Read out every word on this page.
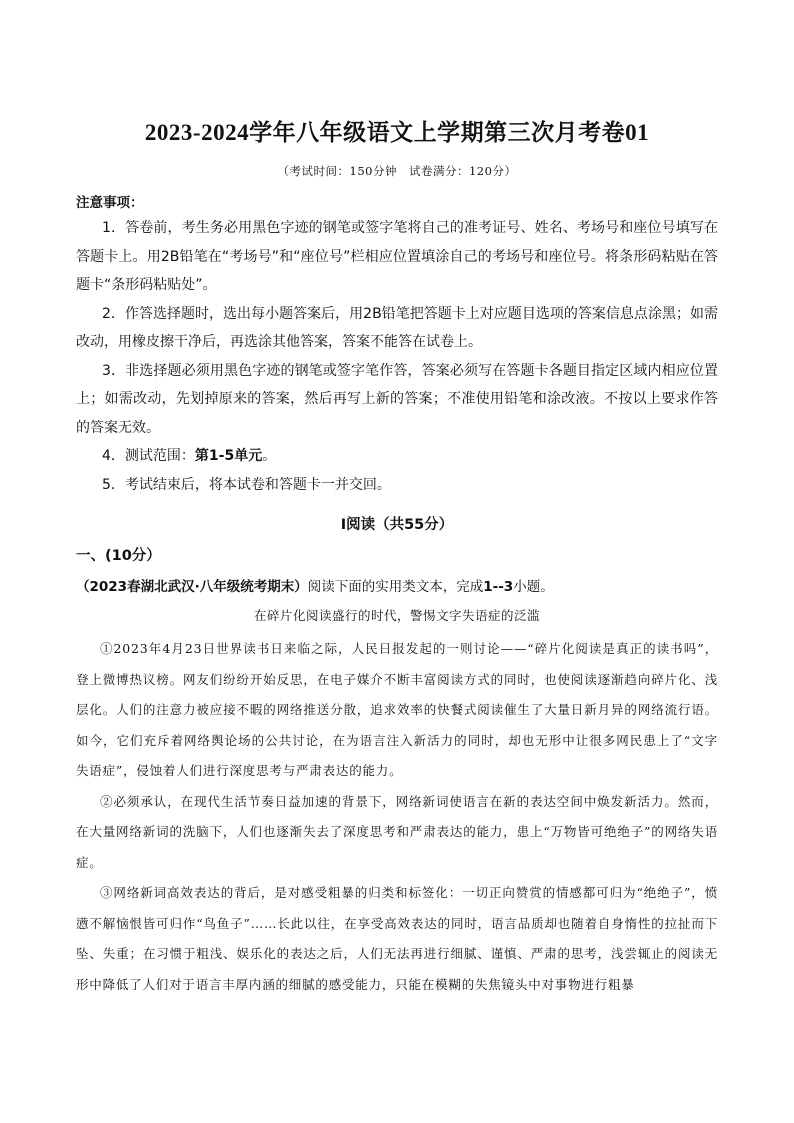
2023-2024学年八年级语文上学期第三次月考卷01
（考试时间：150分钟　试卷满分：120分）
注意事项：

1．答卷前，考生务必用黑色字迹的钢笔或签字笔将自己的准考证号、姓名、考场号和座位号填写在答题卡上。用2B铅笔在“考场号”和“座位号”栏相应位置填涂自己的考场号和座位号。将条形码粘贴在答题卡“条形码粘贴处”。

2．作答选择题时，选出每小题答案后，用2B铅笔把答题卡上对应题目选项的答案信息点涂黑；如需改动，用橡皮擦干净后，再选涂其他答案，答案不能答在试卷上。

3．非选择题必须用黑色字迹的钢笔或签字笔作答，答案必须写在答题卡各题目指定区域内相应位置上；如需改动，先划掉原来的答案，然后再写上新的答案；不准使用铅笔和涂改液。不按以上要求作答的答案无效。

4．测试范围：第1-5单元。

5．考试结束后，将本试卷和答题卡一并交回。

Ⅰ阅读（共55分）
一、(10分）
（2023春湖北武汉·八年级统考期末）阅读下面的实用类文本，完成1--3小题。
在碎片化阅读盛行的时代，警惕文字失语症的泛滥

①2023年4月23日世界读书日来临之际，人民日报发起的一则讨论——“碎片化阅读是真正的读书吗”，登上微博热议榜。网友们纷纷开始反思，在电子媒介不断丰富阅读方式的同时，也使阅读逐渐趋向碎片化、浅层化。人们的注意力被应接不暇的网络推送分散，追求效率的快餐式阅读催生了大量日新月异的网络流行语。如今，它们充斥着网络舆论场的公共讨论，在为语言注入新活力的同时，却也无形中让很多网民患上了“文字失语症”，侵蚀着人们进行深度思考与严肃表达的能力。

②必须承认，在现代生活节奏日益加速的背景下，网络新词使语言在新的表达空间中焕发新活力。然而，在大量网络新词的洗脑下，人们也逐渐失去了深度思考和严肃表达的能力，患上“万物皆可绝绝子”的网络失语症。

③网络新词高效表达的背后，是对感受粗暴的归类和标签化：一切正向赞赏的情感都可归为“绝绝子”，愤懑不解恼恨皆可归作“鸟鱼子”……长此以往，在享受高效表达的同时，语言品质却也随着自身惰性的拉扯而下坠、失重；在习惯于粗浅、娱乐化的表达之后，人们无法再进行细腻、谨慎、严肃的思考，浅尝辄止的阅读无形中降低了人们对于语言丰厚内涵的细腻的感受能力，只能在模糊的失焦镜头中对事物进行粗暴
